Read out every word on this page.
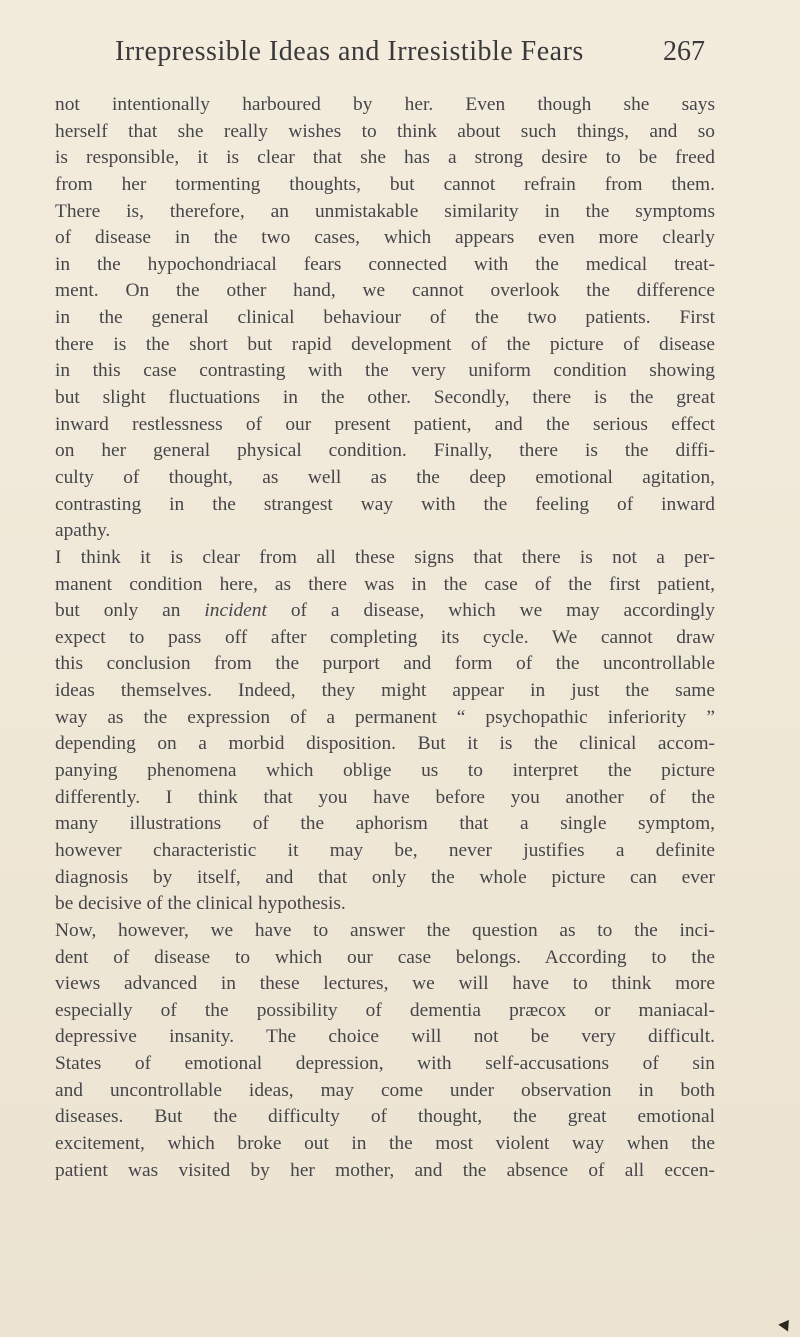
Irrepressible Ideas and Irresistible Fears	267
not intentionally harboured by her. Even though she says
herself that she really wishes to think about such things, and so
is responsible, it is clear that she has a strong desire to be freed
from her tormenting thoughts, but cannot refrain from them.
There is, therefore, an unmistakable similarity in the symptoms
of disease in the two cases, which appears even more clearly
in the hypochondriacal fears connected with the medical treat-
ment. On the other hand, we cannot overlook the difference
in the general clinical behaviour of the two patients. First
there is the short but rapid development of the picture of disease
in this case contrasting with the very uniform condition showing
but slight fluctuations in the other. Secondly, there is the great
inward restlessness of our present patient, and the serious effect
on her general physical condition. Finally, there is the diffi-
culty of thought, as well as the deep emotional agitation,
contrasting in the strangest way with the feeling of inward
apathy.
I think it is clear from all these signs that there is not a per-
manent condition here, as there was in the case of the first patient,
but only an incident of a disease, which we may accordingly
expect to pass off after completing its cycle. We cannot draw
this conclusion from the purport and form of the uncontrollable
ideas themselves. Indeed, they might appear in just the same
way as the expression of a permanent “ psychopathic inferiority ”
depending on a morbid disposition. But it is the clinical accom-
panying phenomena which oblige us to interpret the picture
differently. I think that you have before you another of the
many illustrations of the aphorism that a single symptom,
however characteristic it may be, never justifies a definite
diagnosis by itself, and that only the whole picture can ever
be decisive of the clinical hypothesis.
Now, however, we have to answer the question as to the inci-
dent of disease to which our case belongs. According to the
views advanced in these lectures, we will have to think more
especially of the possibility of dementia præcox or maniacal-
depressive insanity. The choice will not be very difficult.
States of emotional depression, with self-accusations of sin
and uncontrollable ideas, may come under observation in both
diseases. But the difficulty of thought, the great emotional
excitement, which broke out in the most violent way when the
patient was visited by her mother, and the absence of all eccen-
